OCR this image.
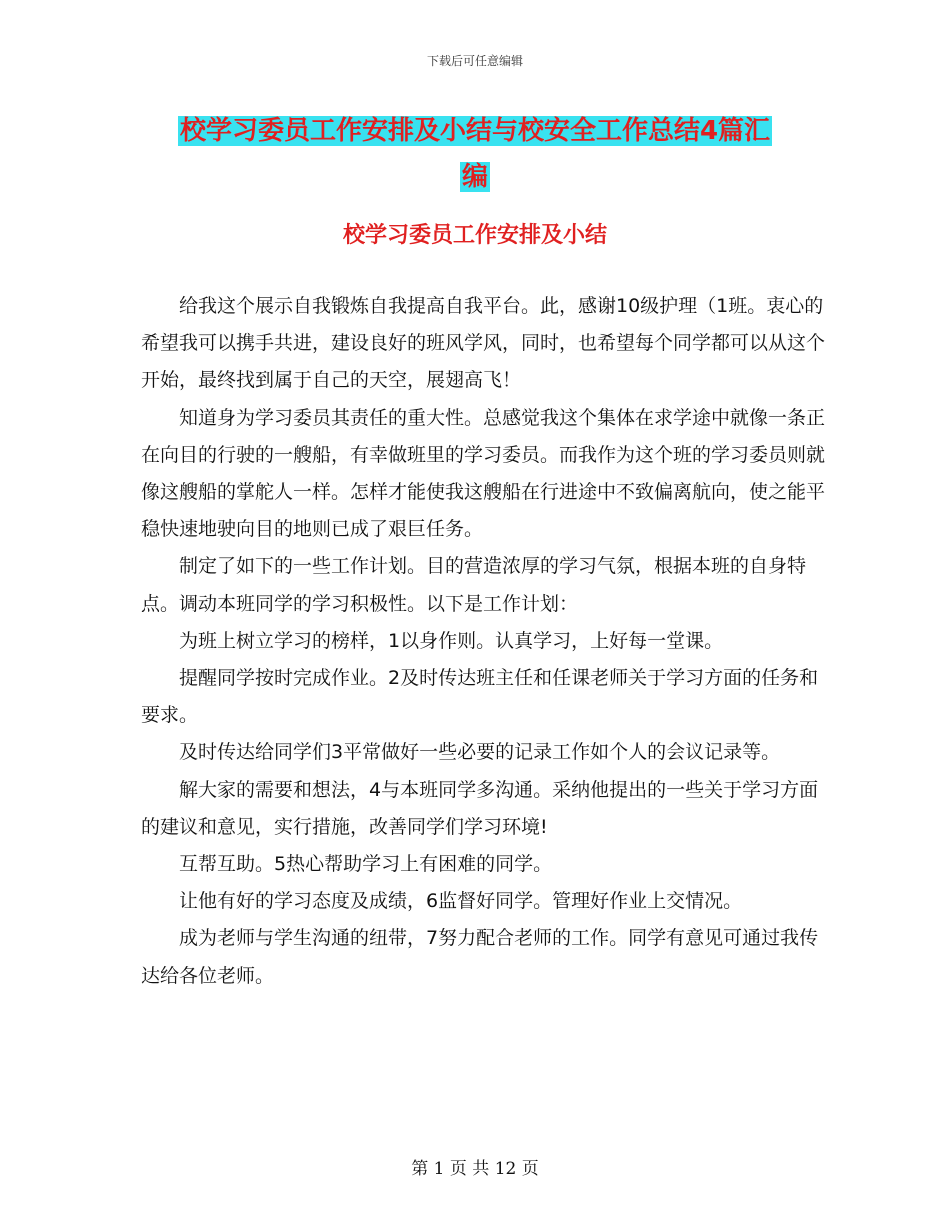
下载后可任意编辑
校学习委员工作安排及小结与校安全工作总结4篇汇
编
校学习委员工作安排及小结

给我这个展示自我锻炼自我提高自我平台。此，感谢10级护理（1班。衷心的希望我可以携手共进，建设良好的班风学风，同时，也希望每个同学都可以从这个开始，最终找到属于自己的天空，展翅高飞！

知道身为学习委员其责任的重大性。总感觉我这个集体在求学途中就像一条正在向目的行驶的一艘船，有幸做班里的学习委员。而我作为这个班的学习委员则就像这艘船的掌舵人一样。怎样才能使我这艘船在行进途中不致偏离航向，使之能平稳快速地驶向目的地则已成了艰巨任务。

制定了如下的一些工作计划。目的营造浓厚的学习气氛，根据本班的自身特点。调动本班同学的学习积极性。以下是工作计划：

为班上树立学习的榜样，1以身作则。认真学习，上好每一堂课。

提醒同学按时完成作业。2及时传达班主任和任课老师关于学习方面的任务和要求。

及时传达给同学们3平常做好一些必要的记录工作如个人的会议记录等。

解大家的需要和想法，4与本班同学多沟通。采纳他提出的一些关于学习方面的建议和意见，实行措施，改善同学们学习环境!

互帮互助。5热心帮助学习上有困难的同学。

让他有好的学习态度及成绩，6监督好同学。管理好作业上交情况。

成为老师与学生沟通的纽带，7努力配合老师的工作。同学有意见可通过我传达给各位老师。

第 1 页 共 12 页
